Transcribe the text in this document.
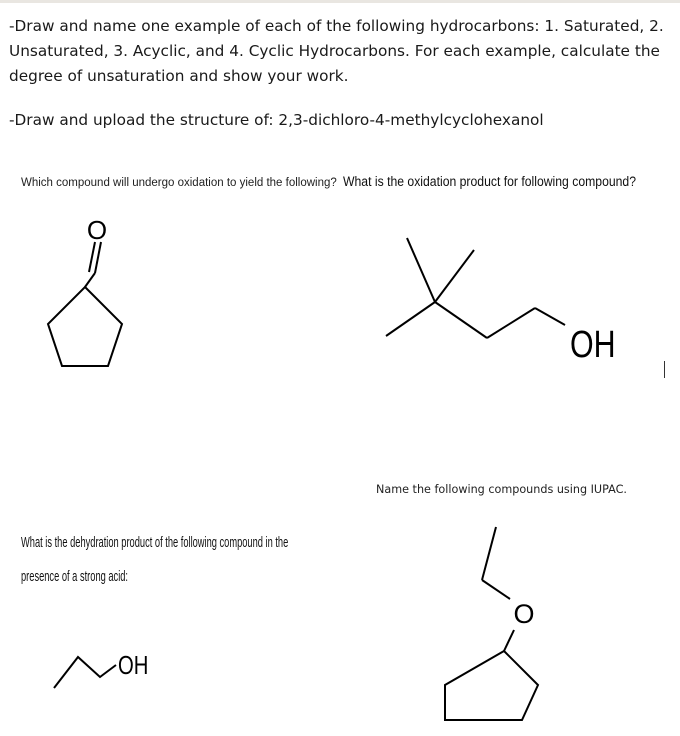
-Draw and name one example of each of the following hydrocarbons: 1. Saturated, 2. Unsaturated, 3. Acyclic, and 4. Cyclic Hydrocarbons. For each example, calculate the degree of unsaturation and show your work.

-Draw and upload the structure of: 2,3-dichloro-4-methylcyclohexanol

Which compound will undergo oxidation to yield the following? What is the oxidation product for following compound?

O
OH

Name the following compounds using IUPAC.

What is the dehydration product of the following compound in the

presence of a strong acid:

OH
O
